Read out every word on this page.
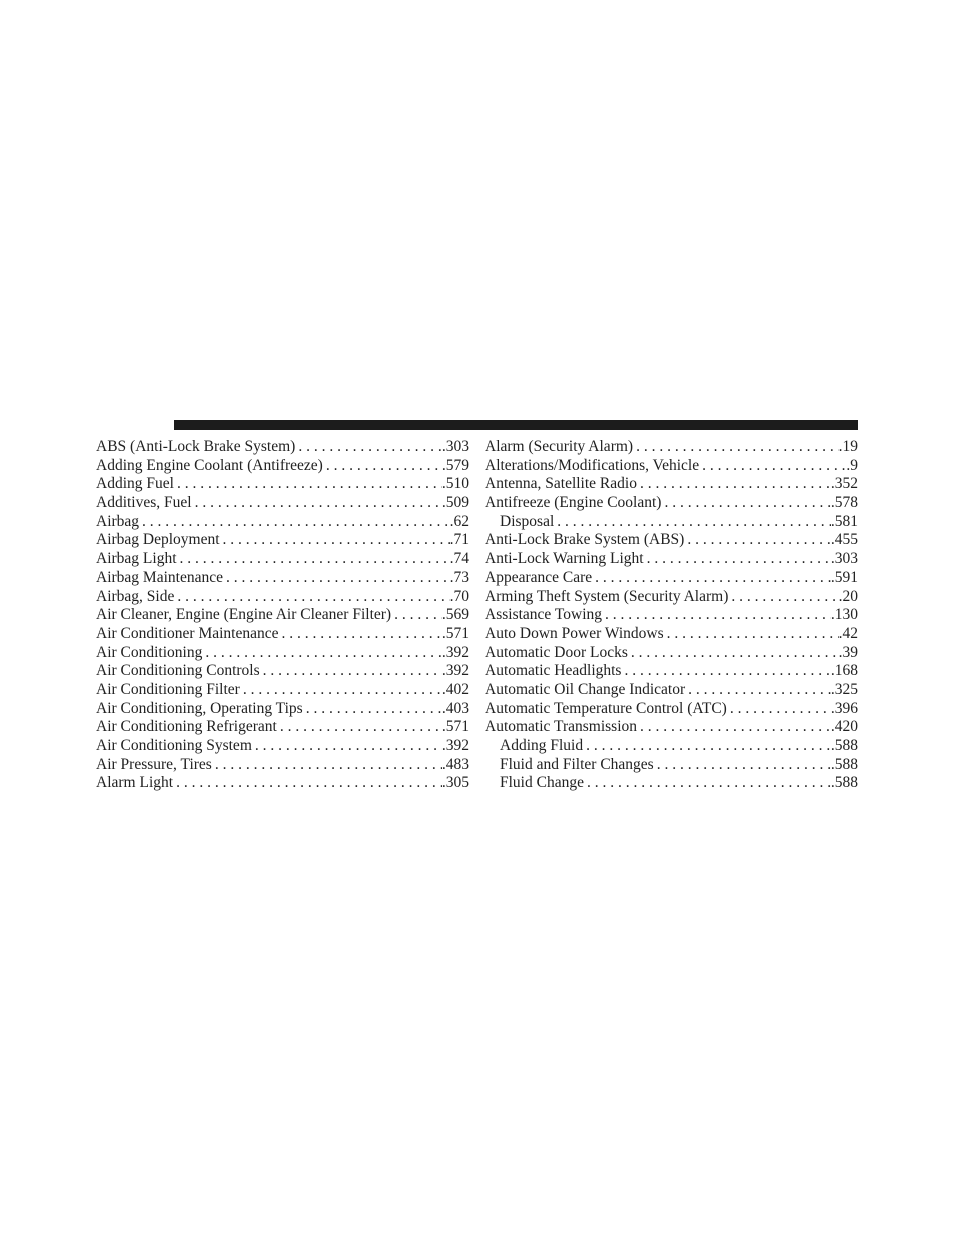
ABS (Anti-Lock Brake System) . . .	.303
Adding Engine Coolant (Antifreeze) . . .	.579
Adding Fuel . . .	.510
Additives, Fuel . . .	.509
Airbag . . .	.62
Airbag Deployment . . .	.71
Airbag Light . . .	.74
Airbag Maintenance . . .	.73
Airbag, Side . . .	.70
Air Cleaner, Engine (Engine Air Cleaner Filter) . . .	.569
Air Conditioner Maintenance . . .	.571
Air Conditioning . . .	.392
Air Conditioning Controls . . .	.392
Air Conditioning Filter . . .	.402
Air Conditioning, Operating Tips . . .	.403
Air Conditioning Refrigerant . . .	.571
Air Conditioning System . . .	.392
Air Pressure, Tires . . .	.483
Alarm Light . . .	.305
Alarm (Security Alarm) . . .	.19
Alterations/Modifications, Vehicle . . .	.9
Antenna, Satellite Radio . . .	.352
Antifreeze (Engine Coolant) . . .	.578
Disposal . . .	.581
Anti-Lock Brake System (ABS) . . .	.455
Anti-Lock Warning Light . . .	.303
Appearance Care . . .	.591
Arming Theft System (Security Alarm) . . .	.20
Assistance Towing . . .	.130
Auto Down Power Windows . . .	.42
Automatic Door Locks . . .	.39
Automatic Headlights . . .	.168
Automatic Oil Change Indicator . . .	.325
Automatic Temperature Control (ATC) . . .	.396
Automatic Transmission . . .	.420
Adding Fluid . . .	.588
Fluid and Filter Changes . . .	.588
Fluid Change . . .	.588
